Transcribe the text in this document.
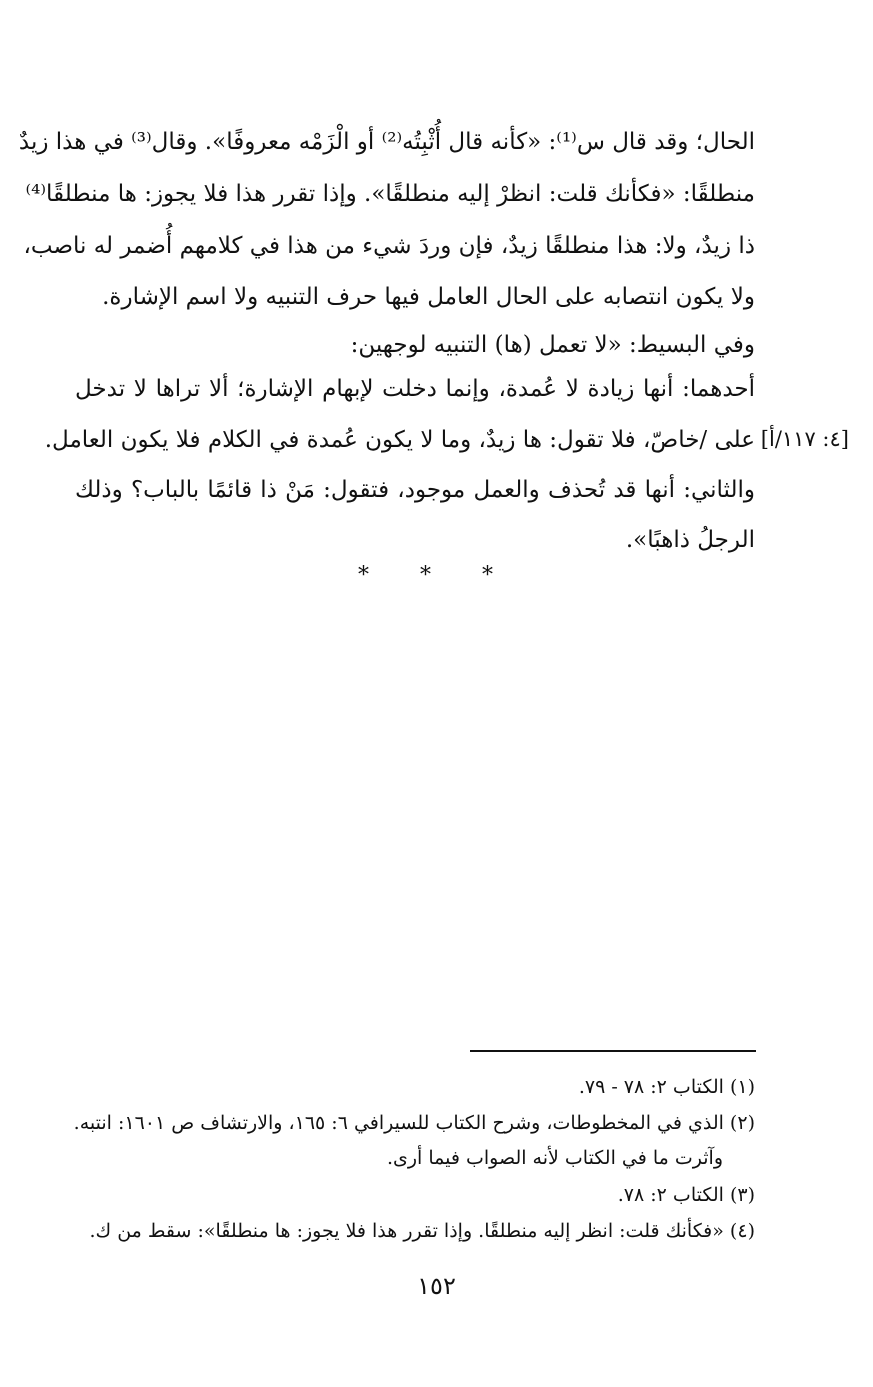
الحال؛ وقد قال س⁽¹⁾: «كأنه قال أُثْبِتُه⁽²⁾ أو الْزَمْه معروفًا». وقال⁽³⁾ في هذا زيدٌ
منطلقًا: «فكأنك قلت: انظرْ إليه منطلقًا». وإذا تقرر هذا فلا يجوز: ها منطلقًا⁽⁴⁾
ذا زيدٌ، ولا: هذا منطلقًا زيدٌ، فإن وردَ شيء من هذا في كلامهم أُضمر له ناصب،
ولا يكون انتصابه على الحال العامل فيها حرف التنبيه ولا اسم الإشارة.
وفي البسيط: «لا تعمل (ها) التنبيه لوجهين:
أحدهما: أنها زيادة لا عُمدة، وإنما دخلت لإبهام الإشارة؛ ألا تراها لا تدخل
على /خاصّ، فلا تقول: ها زيدٌ، وما لا يكون عُمدة في الكلام فلا يكون العامل.
والثاني: أنها قد تُحذف والعمل موجود، فتقول: مَنْ ذا قائمًا بالباب؟ وذلك
الرجلُ ذاهبًا».
[٤: ١١٧/أ]
* * *
(١) الكتاب ٢: ٧٨ - ٧٩.
(٢) الذي في المخطوطات، وشرح الكتاب للسيرافي ٦: ١٦٥، والارتشاف ص ١٦٠١: انتبه.
وآثرت ما في الكتاب لأنه الصواب فيما أرى.
(٣) الكتاب ٢: ٧٨.
(٤) «فكأنك قلت: انظر إليه منطلقًا. وإذا تقرر هذا فلا يجوز: ها منطلقًا»: سقط من ك.
١٥٢
